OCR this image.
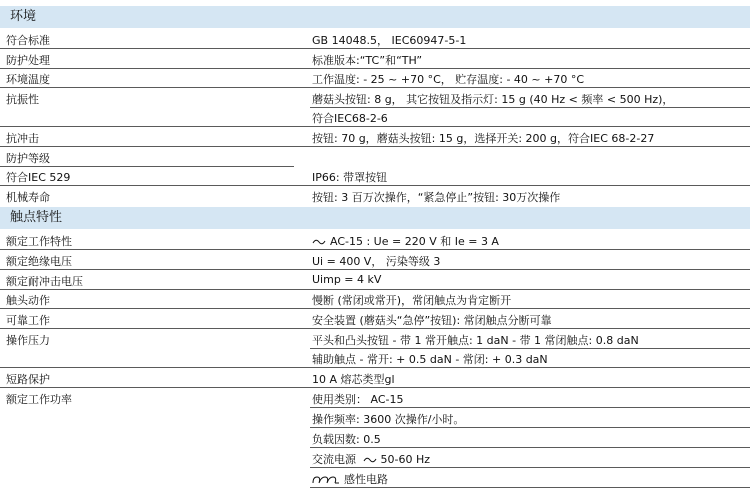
环境
符合标准	GB 14048.5， IEC60947-5-1
防护处理	标准版本:“TC”和“TH”
环境温度	工作温度: - 25 ~ +70 °C， 贮存温度: - 40 ~ +70 °C
抗振性	蘑菇头按钮: 8 g， 其它按钮及指示灯: 15 g (40 Hz < 频率 < 500 Hz)，
符合IEC68-2-6
抗冲击	按钮: 70 g，蘑菇头按钮: 15 g，选择开关: 200 g，符合IEC 68-2-27
防护等级
符合IEC 529	IP66: 带罩按钮
机械寿命	按钮: 3 百万次操作，“紧急停止”按钮: 30万次操作
触点特性
额定工作特性	AC-15 : Ue = 220 V 和 Ie = 3 A
额定绝缘电压	Ui = 400 V， 污染等级 3
额定耐冲击电压	Uimp = 4 kV
触头动作	慢断 (常闭或常开)，常闭触点为肯定断开
可靠工作	安全装置 (蘑菇头“急停”按钮): 常闭触点分断可靠
操作压力	平头和凸头按钮 - 带 1 常开触点: 1 daN - 带 1 常闭触点: 0.8 daN
辅助触点 - 常开: + 0.5 daN - 常闭: + 0.3 daN
短路保护	10 A 熔芯类型gl
额定工作功率	使用类别： AC-15
操作频率: 3600 次操作/小时。
负载因数: 0.5
交流电源 50-60 Hz
感性电路
